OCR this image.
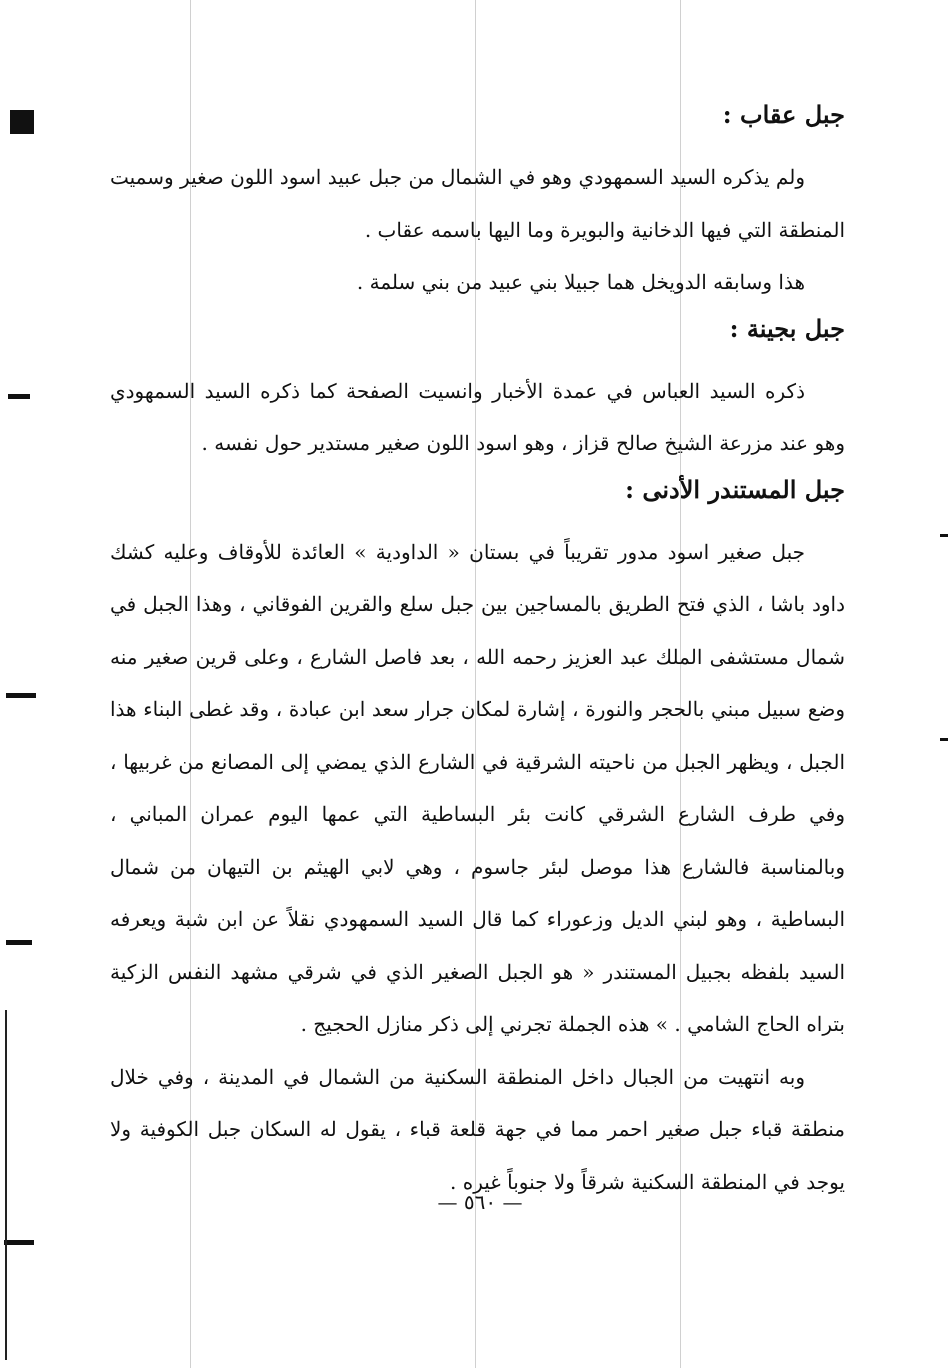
جبل عقاب :

ولم يذكره السيد السمهودي وهو في الشمال من جبل عبيد اسود اللون صغير وسميت المنطقة التي فيها الدخانية والبويرة وما اليها باسمه عقاب .

هذا وسابقه الدويخل هما جبيلا بني عبيد من بني سلمة .

جبل بجينة :

ذكره السيد العباس في عمدة الأخبار وانسيت الصفحة كما ذكره السيد السمهودي وهو عند مزرعة الشيخ صالح قزاز ، وهو اسود اللون صغير مستدير حول نفسه .

جبل المستندر الأدنى :

جبل صغير اسود مدور تقريباً في بستان « الداودية » العائدة للأوقاف وعليه كشك داود باشا ، الذي فتح الطريق بالمساجين بين جبل سلع والقرين الفوقاني ، وهذا الجبل في شمال مستشفى الملك عبد العزيز رحمه الله ، بعد فاصل الشارع ، وعلى قرين صغير منه وضع سبيل مبني بالحجر والنورة ، إشارة لمكان جرار سعد ابن عبادة ، وقد غطى البناء هذا الجبل ، ويظهر الجبل من ناحيته الشرقية في الشارع الذي يمضي إلى المصانع من غربيها ، وفي طرف الشارع الشرقي كانت بئر البساطية التي عمها اليوم عمران المباني ، وبالمناسبة فالشارع هذا موصل لبئر جاسوم ، وهي لابي الهيثم بن التيهان من شمال البساطية ، وهو لبني الديل وزعوراء كما قال السيد السمهودي نقلاً عن ابن شبة ويعرفه السيد بلفظه بجبيل المستندر « هو الجبل الصغير الذي في شرقي مشهد النفس الزكية بتراه الحاج الشامي . » هذه الجملة تجرني إلى ذكر منازل الحجيج .

وبه انتهيت من الجبال داخل المنطقة السكنية من الشمال في المدينة ، وفي خلال منطقة قباء جبل صغير احمر مما في جهة قلعة قباء ، يقول له السكان جبل الكوفية ولا يوجد في المنطقة السكنية شرقاً ولا جنوباً غيره .

— ٥٦٠ —
